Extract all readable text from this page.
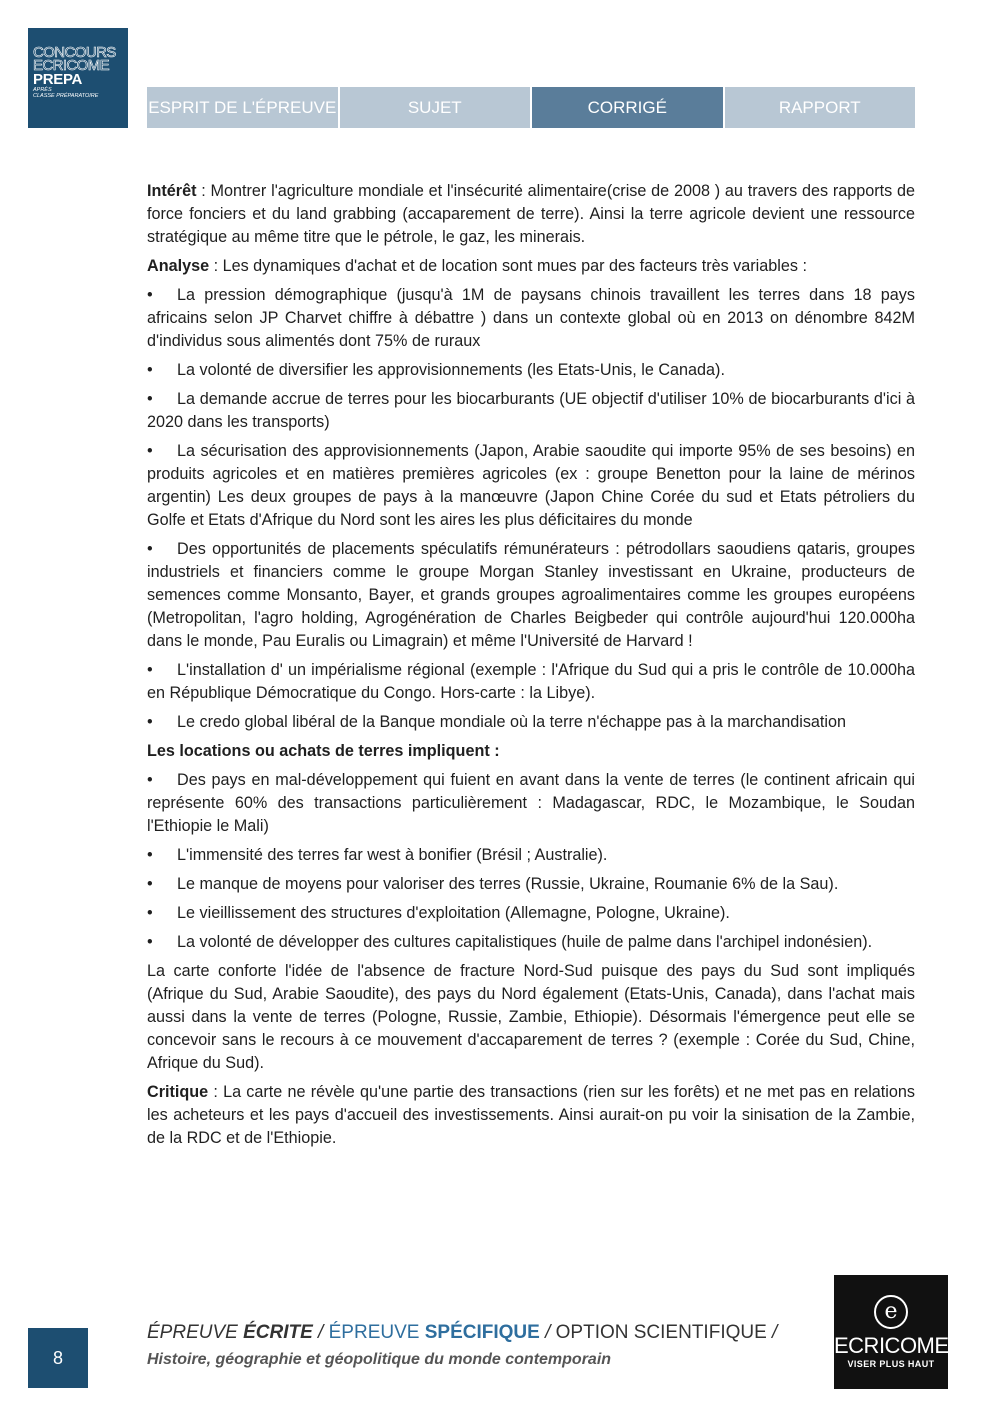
CONCOURS
ECRICOME
PREPA
APRÈS
CLASSE PRÉPARATOIRE
ESPRIT DE L'ÉPREUVE	SUJET	CORRIGÉ	RAPPORT

Intérêt : Montrer l'agriculture mondiale et l'insécurité alimentaire(crise de 2008 ) au travers des rapports de force fonciers et du land grabbing (accaparement de terre). Ainsi la terre agricole devient une ressource stratégique au même titre que le pétrole, le gaz, les minerais.

Analyse : Les dynamiques d'achat et de location sont mues par des facteurs très variables :

• La pression démographique (jusqu'à 1M de paysans chinois travaillent les terres dans 18 pays africains selon JP Charvet chiffre à débattre ) dans un contexte global où en 2013 on dénombre 842M d'individus sous alimentés dont 75% de ruraux

• La volonté de diversifier les approvisionnements (les Etats-Unis, le Canada).

• La demande accrue de terres pour les biocarburants (UE objectif d'utiliser 10% de biocarburants d'ici à 2020 dans les transports)

• La sécurisation des approvisionnements (Japon, Arabie saoudite qui importe 95% de ses besoins) en produits agricoles et en matières premières agricoles (ex : groupe Benetton pour la laine de mérinos argentin) Les deux groupes de pays à la manœuvre (Japon Chine Corée du sud et Etats pétroliers du Golfe et Etats d'Afrique du Nord sont les aires les plus déficitaires du monde

• Des opportunités de placements spéculatifs rémunérateurs : pétrodollars saoudiens qataris, groupes industriels et financiers comme le groupe Morgan Stanley investissant en Ukraine, producteurs de semences comme Monsanto, Bayer, et grands groupes agroalimentaires comme les groupes européens (Metropolitan, l'agro holding, Agrogénération de Charles Beigbeder qui contrôle aujourd'hui 120.000ha dans le monde, Pau Euralis ou Limagrain) et même l'Université de Harvard !

• L'installation d' un impérialisme régional (exemple : l'Afrique du Sud qui a pris le contrôle de 10.000ha en République Démocratique du Congo. Hors-carte : la Libye).

• Le credo global libéral de la Banque mondiale où la terre n'échappe pas à la marchandisation

Les locations ou achats de terres impliquent :

• Des pays en mal-développement qui fuient en avant dans la vente de terres (le continent africain qui représente 60% des transactions particulièrement : Madagascar, RDC, le Mozambique, le Soudan l'Ethiopie le Mali)

• L'immensité des terres far west à bonifier (Brésil ; Australie).

• Le manque de moyens pour valoriser des terres (Russie, Ukraine, Roumanie 6% de la Sau).

• Le vieillissement des structures d'exploitation (Allemagne, Pologne, Ukraine).

• La volonté de développer des cultures capitalistiques (huile de palme dans l'archipel indonésien).

La carte conforte l'idée de l'absence de fracture Nord-Sud puisque des pays du Sud sont impliqués (Afrique du Sud, Arabie Saoudite), des pays du Nord également (Etats-Unis, Canada), dans l'achat mais aussi dans la vente de terres (Pologne, Russie, Zambie, Ethiopie). Désormais l'émergence peut elle se concevoir sans le recours à ce mouvement d'accaparement de terres ? (exemple : Corée du Sud, Chine, Afrique du Sud).

Critique : La carte ne révèle qu'une partie des transactions (rien sur les forêts) et ne met pas en relations les acheteurs et les pays d'accueil des investissements. Ainsi aurait-on pu voir la sinisation de la Zambie, de la RDC et de l'Ethiopie.

8
ÉPREUVE ÉCRITE / ÉPREUVE SPÉCIFIQUE / OPTION SCIENTIFIQUE /
Histoire, géographie et géopolitique du monde contemporain
e
ECRICOME
VISER PLUS HAUT
